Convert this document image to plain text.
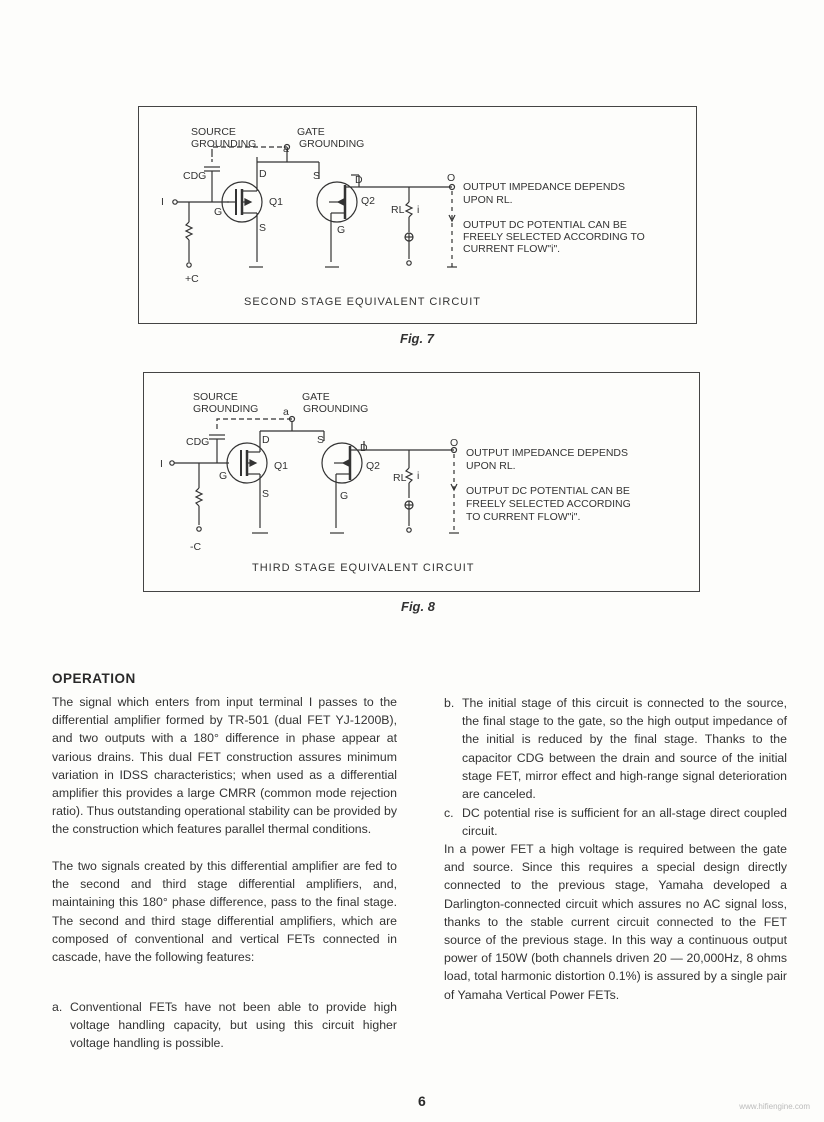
SOURCE
GROUNDING
GATE
GROUNDING
a
CDG
I
+C
Q1	Q2
RL i
D
G
S
S	D
G
O
OUTPUT IMPEDANCE DEPENDS
UPON RL.
OUTPUT DC POTENTIAL CAN BE
FREELY SELECTED ACCORDING TO
CURRENT FLOW"i".
SECOND STAGE EQUIVALENT CIRCUIT
Fig. 7
SOURCE
GROUNDING
GATE
GROUNDING
a
CDG
I
-C
Q1	Q2
RL i
D
G
S
S
D
G
O
OUTPUT IMPEDANCE DEPENDS
UPON RL.
OUTPUT DC POTENTIAL CAN BE
FREELY SELECTED ACCORDING
TO CURRENT FLOW"i".
THIRD STAGE EQUIVALENT CIRCUIT
Fig. 8
OPERATION

The signal which enters from input terminal I passes to the differential amplifier formed by TR-501 (dual FET YJ-1200B), and two outputs with a 180° difference in phase appear at various drains. This dual FET construction assures minimum variation in IDSS characteristics; when used as a differential amplifier this provides a large CMRR (common mode rejection ratio). Thus outstanding operational stability can be provided by the construction which features parallel thermal conditions.

The two signals created by this differential amplifier are fed to the second and third stage differential amplifiers, and, maintaining this 180° phase difference, pass to the final stage. The second and third stage differential amplifiers, which are composed of conventional and vertical FETs connected in cascade, have the following features:

a. Conventional FETs have not been able to provide high voltage handling capacity, but using this circuit higher voltage handling is possible.
b. The initial stage of this circuit is connected to the source, the final stage to the gate, so the high output impedance of the initial is reduced by the final stage. Thanks to the capacitor CDG between the drain and source of the initial stage FET, mirror effect and high-range signal deterioration are canceled.
c. DC potential rise is sufficient for an all-stage direct coupled circuit.

In a power FET a high voltage is required between the gate and source. Since this requires a special design directly connected to the previous stage, Yamaha developed a Darlington-connected circuit which assures no AC signal loss, thanks to the stable current circuit connected to the FET source of the previous stage. In this way a continuous output power of 150W (both channels driven 20 — 20,000Hz, 8 ohms load, total harmonic distortion 0.1%) is assured by a single pair of Yamaha Vertical Power FETs.

6	www.hifiengine.com
